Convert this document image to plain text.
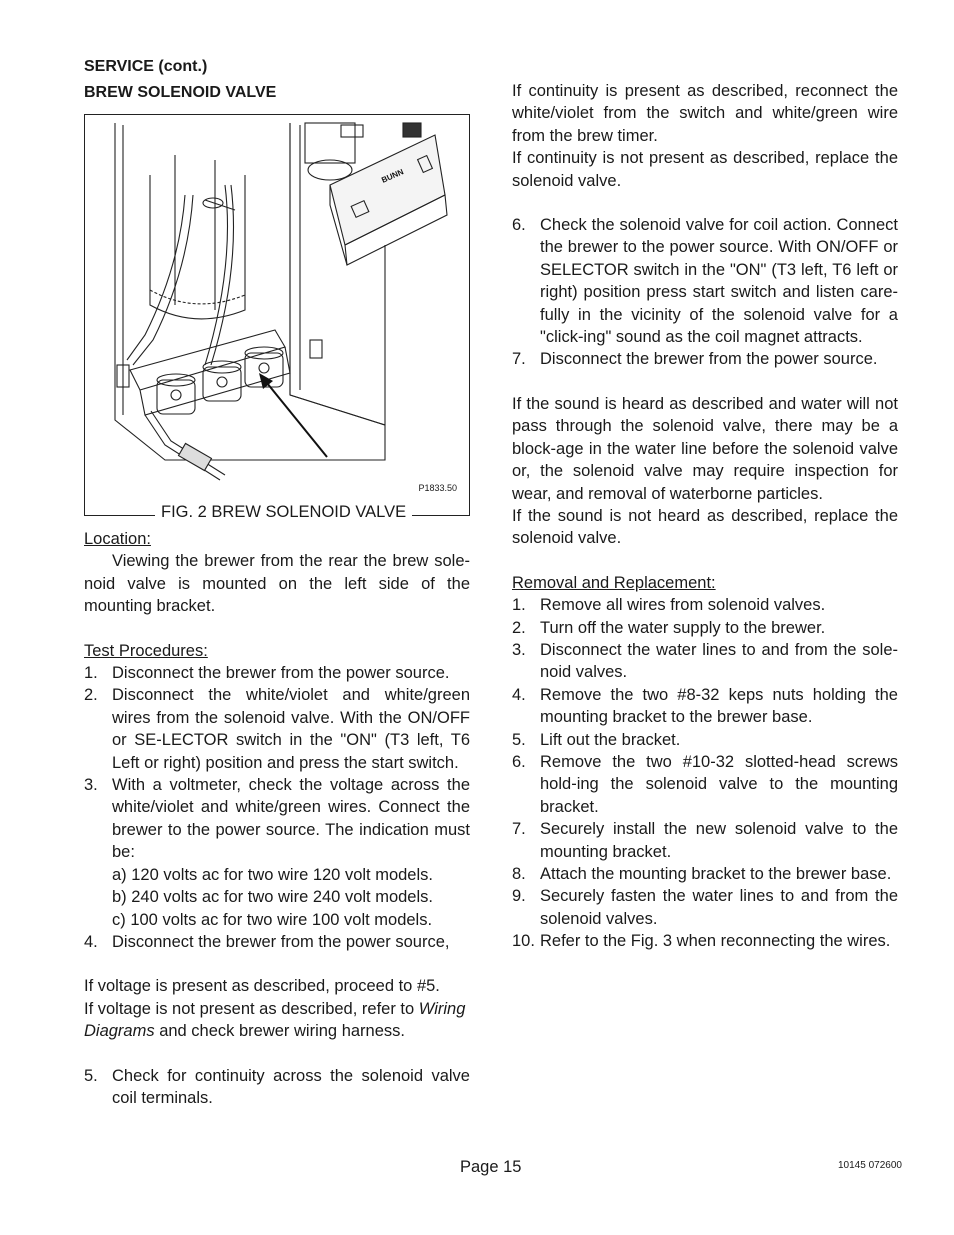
SERVICE (cont.)
BREW SOLENOID VALVE
BUNN
P1833.50
FIG. 2 BREW SOLENOID VALVE
Location:
Viewing the brewer from the rear the brew sole-noid valve is mounted on the left side of the mounting bracket.
Test Procedures:
1. Disconnect the brewer from the power source.
2. Disconnect the white/violet and white/green wires from the solenoid valve. With the ON/OFF or SE-LECTOR switch in the "ON" (T3 left, T6 Left or right) position and press the start switch.
3. With a voltmeter, check the voltage across the white/violet and white/green wires. Connect the brewer to the power source. The indication must be:
a) 120 volts ac for two wire 120 volt models.
b) 240 volts ac for two wire 240 volt models.
c) 100 volts ac for two wire 100 volt models.
4. Disconnect the brewer from the power source,
If voltage is present as described, proceed to #5.
If voltage is not present as described, refer to Wiring Diagrams and check brewer wiring harness.
5. Check for continuity across the solenoid valve coil terminals.
If continuity is present as described, reconnect the white/violet from the switch and white/green wire from the brew timer.
If continuity is not present as described, replace the solenoid valve.
6. Check the solenoid valve for coil action. Connect the brewer to the power source. With ON/OFF or SELECTOR switch in the "ON" (T3 left, T6 left or right) position press start switch and listen care-fully in the vicinity of the solenoid valve for a "click-ing" sound as the coil magnet attracts.
7. Disconnect the brewer from the power source.
If the sound is heard as described and water will not pass through the solenoid valve, there may be a block-age in the water line before the solenoid valve or, the solenoid valve may require inspection for wear, and removal of waterborne particles.
If the sound is not heard as described, replace the solenoid valve.
Removal and Replacement:
1. Remove all wires from solenoid valves.
2. Turn off the water supply to the brewer.
3. Disconnect the water lines to and from the sole-noid valves.
4. Remove the two #8-32 keps nuts holding the mounting bracket to the brewer base.
5. Lift out the bracket.
6. Remove the two #10-32 slotted-head screws hold-ing the solenoid valve to the mounting bracket.
7. Securely install the new solenoid valve to the mounting bracket.
8. Attach the mounting bracket to the brewer base.
9. Securely fasten the water lines to and from the solenoid valves.
10. Refer to the Fig. 3 when reconnecting the wires.
Page 15	10145 072600
